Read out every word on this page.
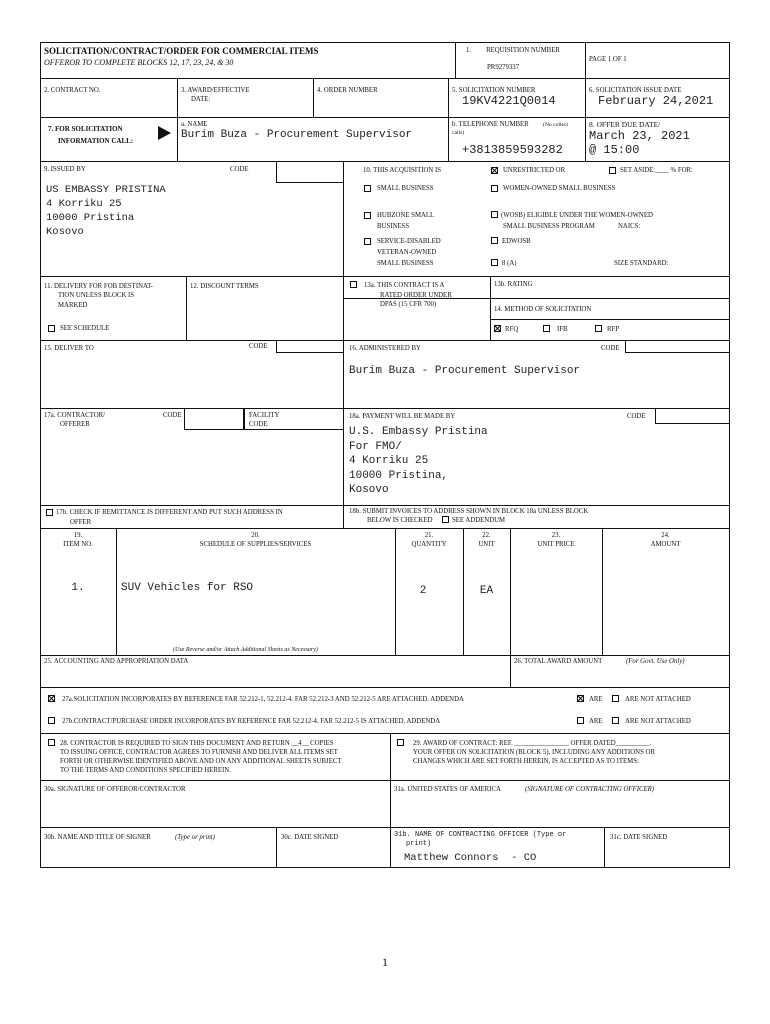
SOLICITATION/CONTRACT/ORDER FOR COMMERCIAL ITEMS
OFFEROR TO COMPLETE BLOCKS 12, 17, 23, 24, & 30
1.	REQUISITION NUMBER
PR9279337
PAGE 1 OF 1
2. CONTRACT NO.	3. AWARD/EFFECTIVE
DATE:
4. ORDER NUMBER	5. SOLICITATION NUMBER
19KV4221Q0014
6. SOLICITATION ISSUE DATE
February 24,2021
7. FOR SOLICITATION
INFORMATION CALL:
a. NAME
Burim Buza - Procurement Supervisor
b. TELEPHONE NUMBER	(No collect
calls)
+3813859593282
8. OFFER DUE DATE/
March 23, 2021
@ 15:00
9. ISSUED BY	CODE
US EMBASSY PRISTINA
4 Korriku 25
10000 Pristina
Kosovo
10. THIS ACQUISITION IS	UNRESTRICTED OR	SET ASIDE:____ % FOR:
SMALL BUSINESS	WOMEN-OWNED SMALL BUSINESS
HUBZONE SMALL
BUSINESS
(WOSB) ELIGIBLE UNDER THE WOMEN-OWNED
SMALL BUSINESS PROGRAM	NAICS:
SERVICE-DISABLED
VETERAN-OWNED
SMALL BUSINESS
EDWOSB
8 (A)	SIZE STANDARD:
11. DELIVERY FOR FOB DESTINAT-
TION UNLESS BLOCK IS
MARKED
SEE SCHEDULE
12. DISCOUNT TERMS	13a. THIS CONTRACT IS A
RATED ORDER UNDER
DPAS (15 CFR 700)
13b. RATING
14. METHOD OF SOLICITATION
RFQ	IFB	RFP
15. DELIVER TO	CODE	16. ADMINISTERED BY	CODE
Burim Buza - Procurement Supervisor
17a. CONTRACTOR/
OFFERER
CODE	FACILITY
CODE
18a. PAYMENT WILL BE MADE BY	CODE
U.S. Embassy Pristina
For FMO/
4 Korriku 25
10000 Pristina,
Kosovo
17b. CHECK IF REMITTANCE IS DIFFERENT AND PUT SUCH ADDRESS IN
OFFER
18b. SUBMIT INVOICES TO ADDRESS SHOWN IN BLOCK 18a UNLESS BLOCK
BELOW IS CHECKED	SEE ADDENDUM
19.
ITEM NO.
20.
SCHEDULE OF SUPPLIES/SERVICES
21.
QUANTITY
22.
UNIT
23.
UNIT PRICE
24.
AMOUNT
1.	SUV Vehicles for RSO	2	EA
(Use Reverse and/or Attach Additional Sheets as Necessary)
25. ACCOUNTING AND APPROPRIATION DATA	26. TOTAL AWARD AMOUNT	(For Govt. Use Only)
27a.SOLICITATION INCORPORATES BY REFERENCE FAR 52.212-1, 52.212-4. FAR 52.212-3 AND 52.212-5 ARE ATTACHED. ADDENDA	ARE	ARE NOT ATTACHED
27b.CONTRACT/PURCHASE ORDER INCORPORATES BY REFERENCE FAR 52.212-4. FAR 52.212-5 IS ATTACHED. ADDENDA	ARE	ARE NOT ATTACHED
28. CONTRACTOR IS REQUIRED TO SIGN THIS DOCUMENT AND RETURN __4__ COPIES
TO ISSUING OFFICE. CONTRACTOR AGREES TO FURNISH AND DELIVER ALL ITEMS SET
FORTH OR OTHERWISE IDENTIFIED ABOVE AND ON ANY ADDITIONAL SHEETS SUBJECT
TO THE TERMS AND CONDITIONS SPECIFIED HEREIN.
29. AWARD OF CONTRACT: REF. ________________ OFFER DATED__________.
YOUR OFFER ON SOLICITATION (BLOCK 5), INCLUDING ANY ADDITIONS OR
CHANGES WHICH ARE SET FORTH HEREIN, IS ACCEPTED AS TO ITEMS:
30a. SIGNATURE OF OFFEROR/CONTRACTOR	31a. UNITED STATES OF AMERICA	(SIGNATURE OF CONTRACTING OFFICER)
30b. NAME AND TITLE OF SIGNER	(Type or print)	30c. DATE SIGNED	31b. NAME OF CONTRACTING OFFICER (Type or
print)
Matthew Connors  - CO
31c. DATE SIGNED
1
